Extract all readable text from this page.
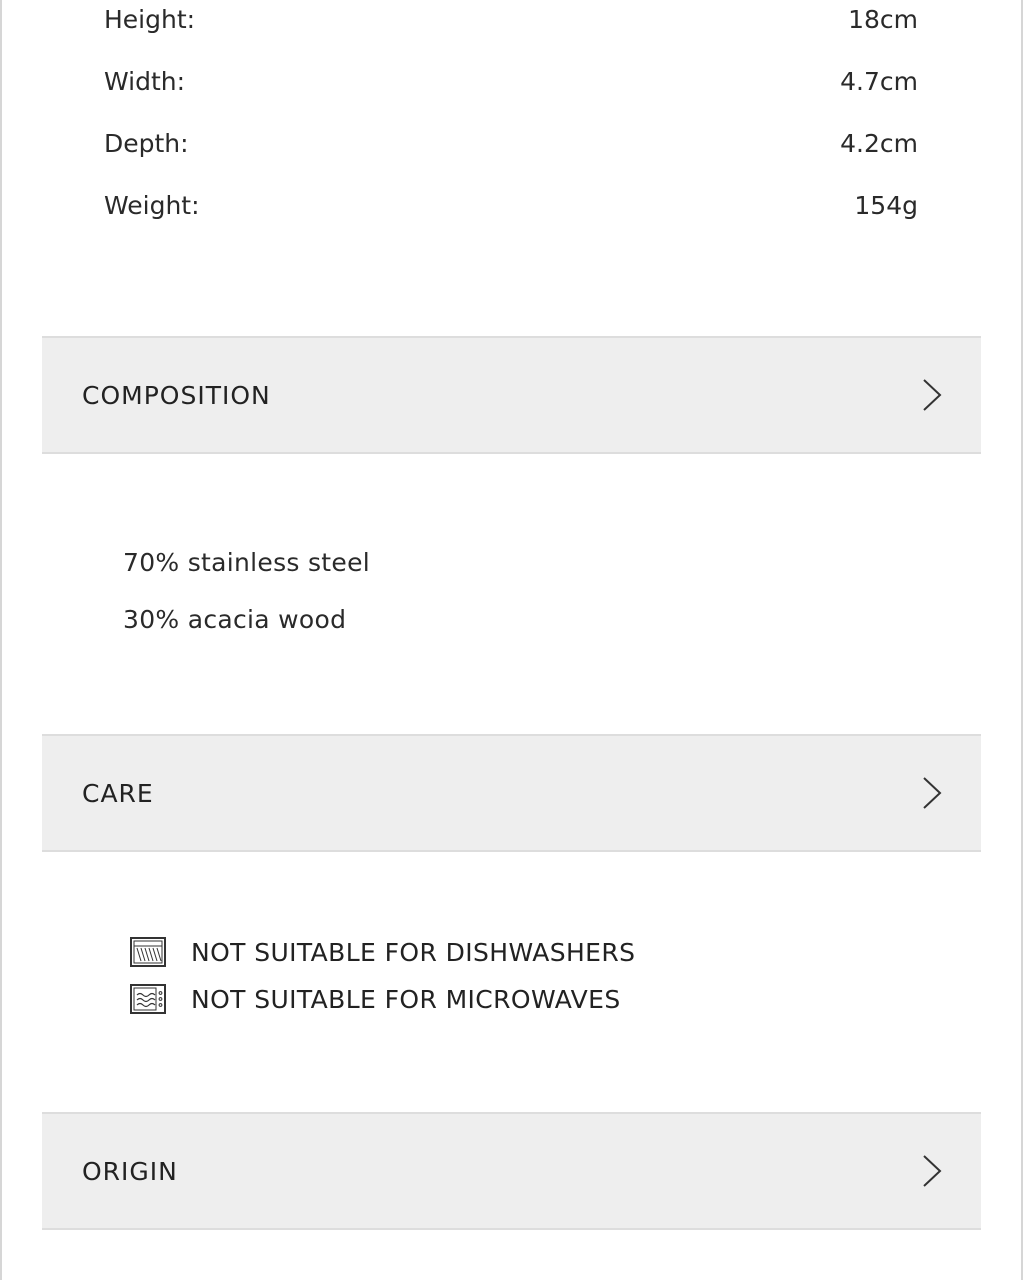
Height:	18cm
Width:	4.7cm
Depth:	4.2cm
Weight:	154g
COMPOSITION
70% stainless steel
30% acacia wood
CARE
NOT SUITABLE FOR DISHWASHERS
NOT SUITABLE FOR MICROWAVES
ORIGIN
